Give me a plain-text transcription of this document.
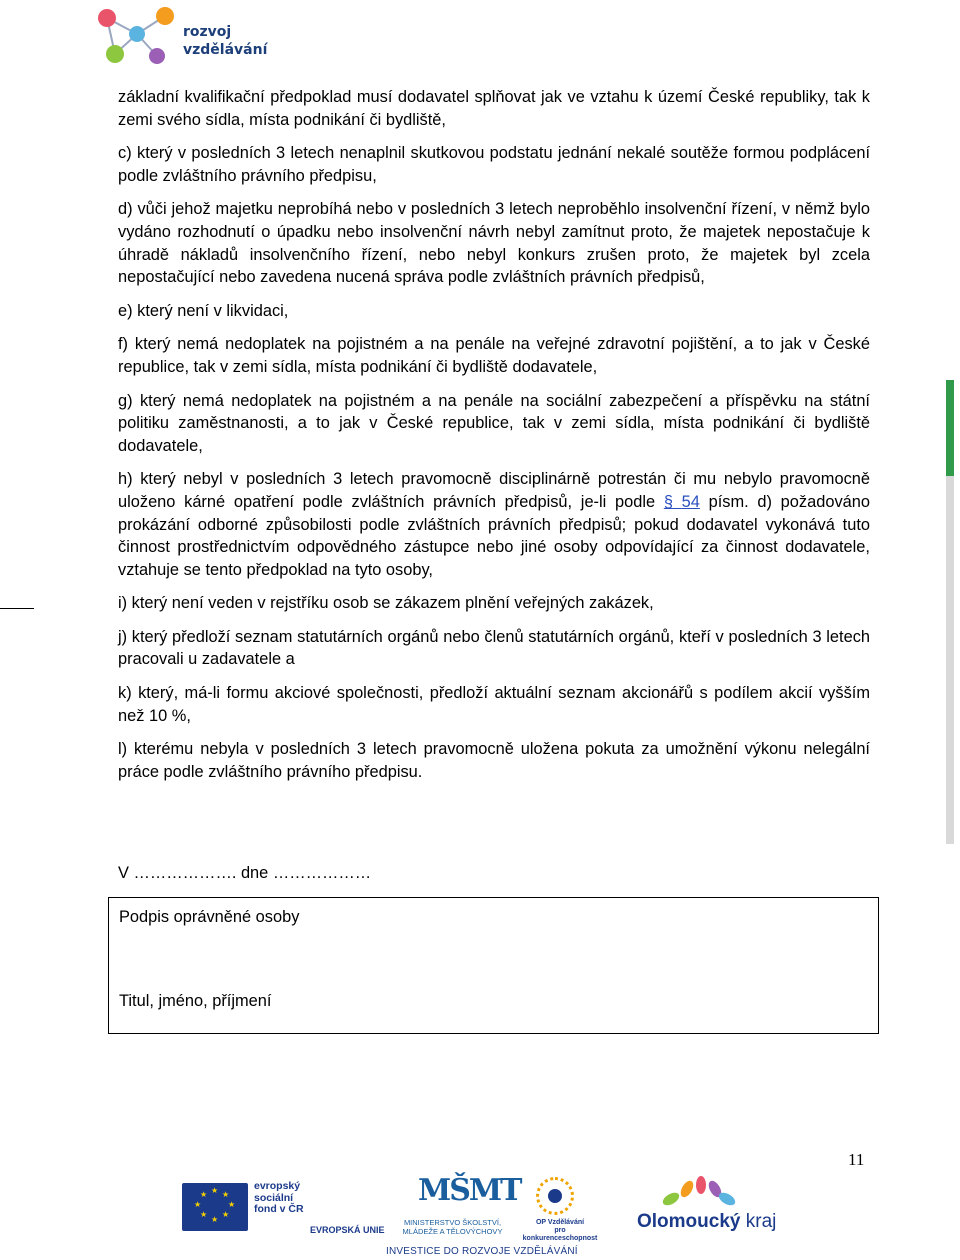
rozvoj
vzdělávání

základní kvalifikační předpoklad musí dodavatel splňovat jak ve vztahu k území České republiky, tak k zemi svého sídla, místa podnikání či bydliště,

c) který v posledních 3 letech nenaplnil skutkovou podstatu jednání nekalé soutěže formou podplácení podle zvláštního právního předpisu,

d) vůči jehož majetku neprobíhá nebo v posledních 3 letech neproběhlo insolvenční řízení, v němž bylo vydáno rozhodnutí o úpadku nebo insolvenční návrh nebyl zamítnut proto, že majetek nepostačuje k úhradě nákladů insolvenčního řízení, nebo nebyl konkurs zrušen proto, že majetek byl zcela nepostačující nebo zavedena nucená správa podle zvláštních právních předpisů,

e) který není v likvidaci,

f) který nemá nedoplatek na pojistném a na penále na veřejné zdravotní pojištění, a to jak v České republice, tak v zemi sídla, místa podnikání či bydliště dodavatele,

g) který nemá nedoplatek na pojistném a na penále na sociální zabezpečení a příspěvku na státní politiku zaměstnanosti, a to jak v České republice, tak v zemi sídla, místa podnikání či bydliště dodavatele,

h) který nebyl v posledních 3 letech pravomocně disciplinárně potrestán či mu nebylo pravomocně uloženo kárné opatření podle zvláštních právních předpisů, je-li podle § 54 písm. d) požadováno prokázání odborné způsobilosti podle zvláštních právních předpisů; pokud dodavatel vykonává tuto činnost prostřednictvím odpovědného zástupce nebo jiné osoby odpovídající za činnost dodavatele, vztahuje se tento předpoklad na tyto osoby,

i) který není veden v rejstříku osob se zákazem plnění veřejných zakázek,

j) který předloží seznam statutárních orgánů nebo členů statutárních orgánů, kteří v posledních 3 letech pracovali u zadavatele a

k) který, má-li formu akciové společnosti, předloží aktuální seznam akcionářů s podílem akcií vyšším než 10 %,

l) kterému nebyla v posledních 3 letech pravomocně uložena pokuta za umožnění výkonu nelegální práce podle zvláštního právního předpisu.

V ………………. dne ………………
Podpis oprávněné osoby
Titul, jméno, příjmení
11
★ ★
★
★
★
★
★
★
evropský
sociální
fond v ČR
EVROPSKÁ UNIE
MŠMT
MINISTERSTVO ŠKOLSTVÍ,
MLÁDEŽE A TĚLOVÝCHOVY
OP Vzdělávání
pro konkurenceschopnost
Olomoucký kraj
INVESTICE DO ROZVOJE VZDĚLÁVÁNÍ
